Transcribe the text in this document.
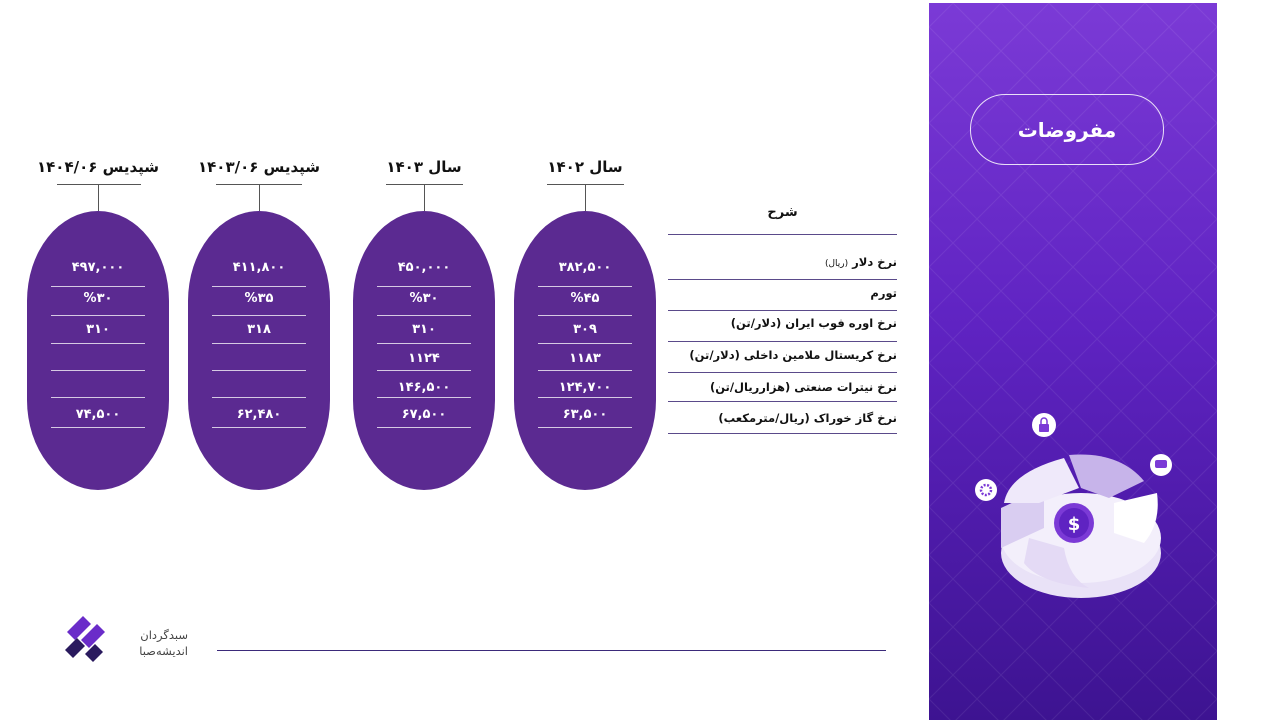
مفروضات
$
شرح
نرخ دلار (ریال)
تورم
نرخ اوره فوب ایران (دلار/تن)
نرخ کریستال ملامین داخلی (دلار/تن)
نرخ نیترات صنعتی (هزارریال/تن)
نرخ گاز خوراک (ریال/مترمکعب)
سال ۱۴۰۲
سال ۱۴۰۳
شپدیس ۱۴۰۳/۰۶
شپدیس ۱۴۰۴/۰۶
۳۸۲,۵۰۰
%۴۵
۳۰۹
۱۱۸۳
۱۲۴,۷۰۰
۶۳,۵۰۰
۴۵۰,۰۰۰
%۳۰
۳۱۰
۱۱۲۴
۱۴۶,۵۰۰
۶۷,۵۰۰
۴۱۱,۸۰۰
%۳۵
۳۱۸
۶۲,۴۸۰
۴۹۷,۰۰۰
%۳۰
۳۱۰
۷۴,۵۰۰
سبدگردان
اندیشه‌صبا
